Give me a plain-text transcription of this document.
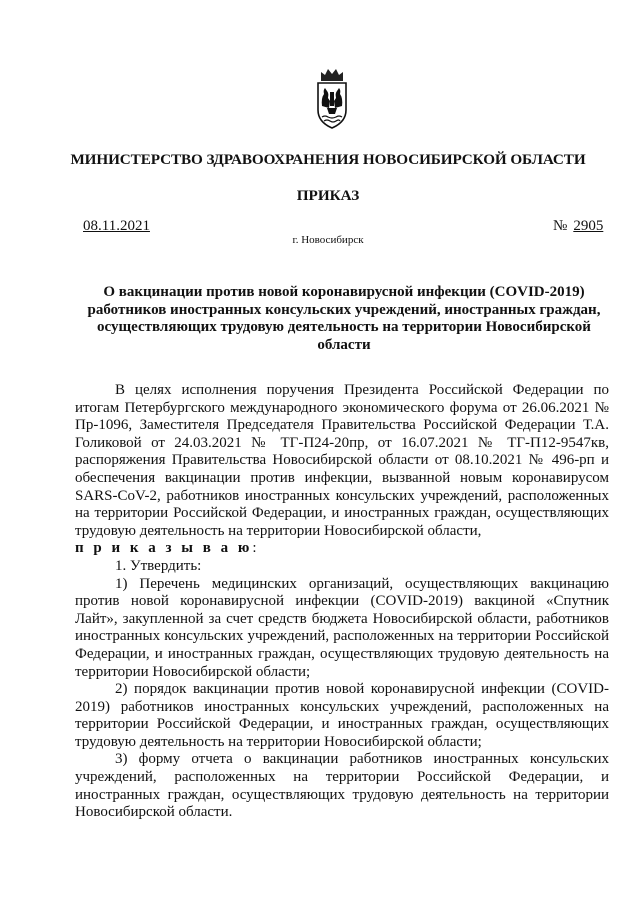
МИНИСТЕРСТВО ЗДРАВООХРАНЕНИЯ НОВОСИБИРСКОЙ ОБЛАСТИ
ПРИКАЗ
08.11.2021	№ 2905
г. Новосибирск
О вакцинации против новой коронавирусной инфекции (COVID-2019) работников иностранных консульских учреждений, иностранных граждан, осуществляющих трудовую деятельность на территории Новосибирской области

В целях исполнения поручения Президента Российской Федерации по итогам Петербургского международного экономического форума от 26.06.2021 № Пр-1096, Заместителя Председателя Правительства Российской Федерации Т.А. Голиковой от 24.03.2021 № ТГ-П24-20пр, от 16.07.2021 № ТГ-П12-9547кв, распоряжения Правительства Новосибирской области от 08.10.2021 № 496-рп и обеспечения вакцинации против инфекции, вызванной новым коронавирусом SARS-CoV-2, работников иностранных консульских учреждений, расположенных на территории Российской Федерации, и иностранных граждан, осуществляющих трудовую деятельность на территории Новосибирской области,
п р и к а з ы в а ю:

1. Утвердить:

1) Перечень медицинских организаций, осуществляющих вакцинацию против новой коронавирусной инфекции (COVID-2019) вакциной «Спутник Лайт», закупленной за счет средств бюджета Новосибирской области, работников иностранных консульских учреждений, расположенных на территории Российской Федерации, и иностранных граждан, осуществляющих трудовую деятельность на территории Новосибирской области;

2) порядок вакцинации против новой коронавирусной инфекции (COVID-2019) работников иностранных консульских учреждений, расположенных на территории Российской Федерации, и иностранных граждан, осуществляющих трудовую деятельность на территории Новосибирской области;

3) форму отчета о вакцинации работников иностранных консульских учреждений, расположенных на территории Российской Федерации, и иностранных граждан, осуществляющих трудовую деятельность на территории Новосибирской области.
